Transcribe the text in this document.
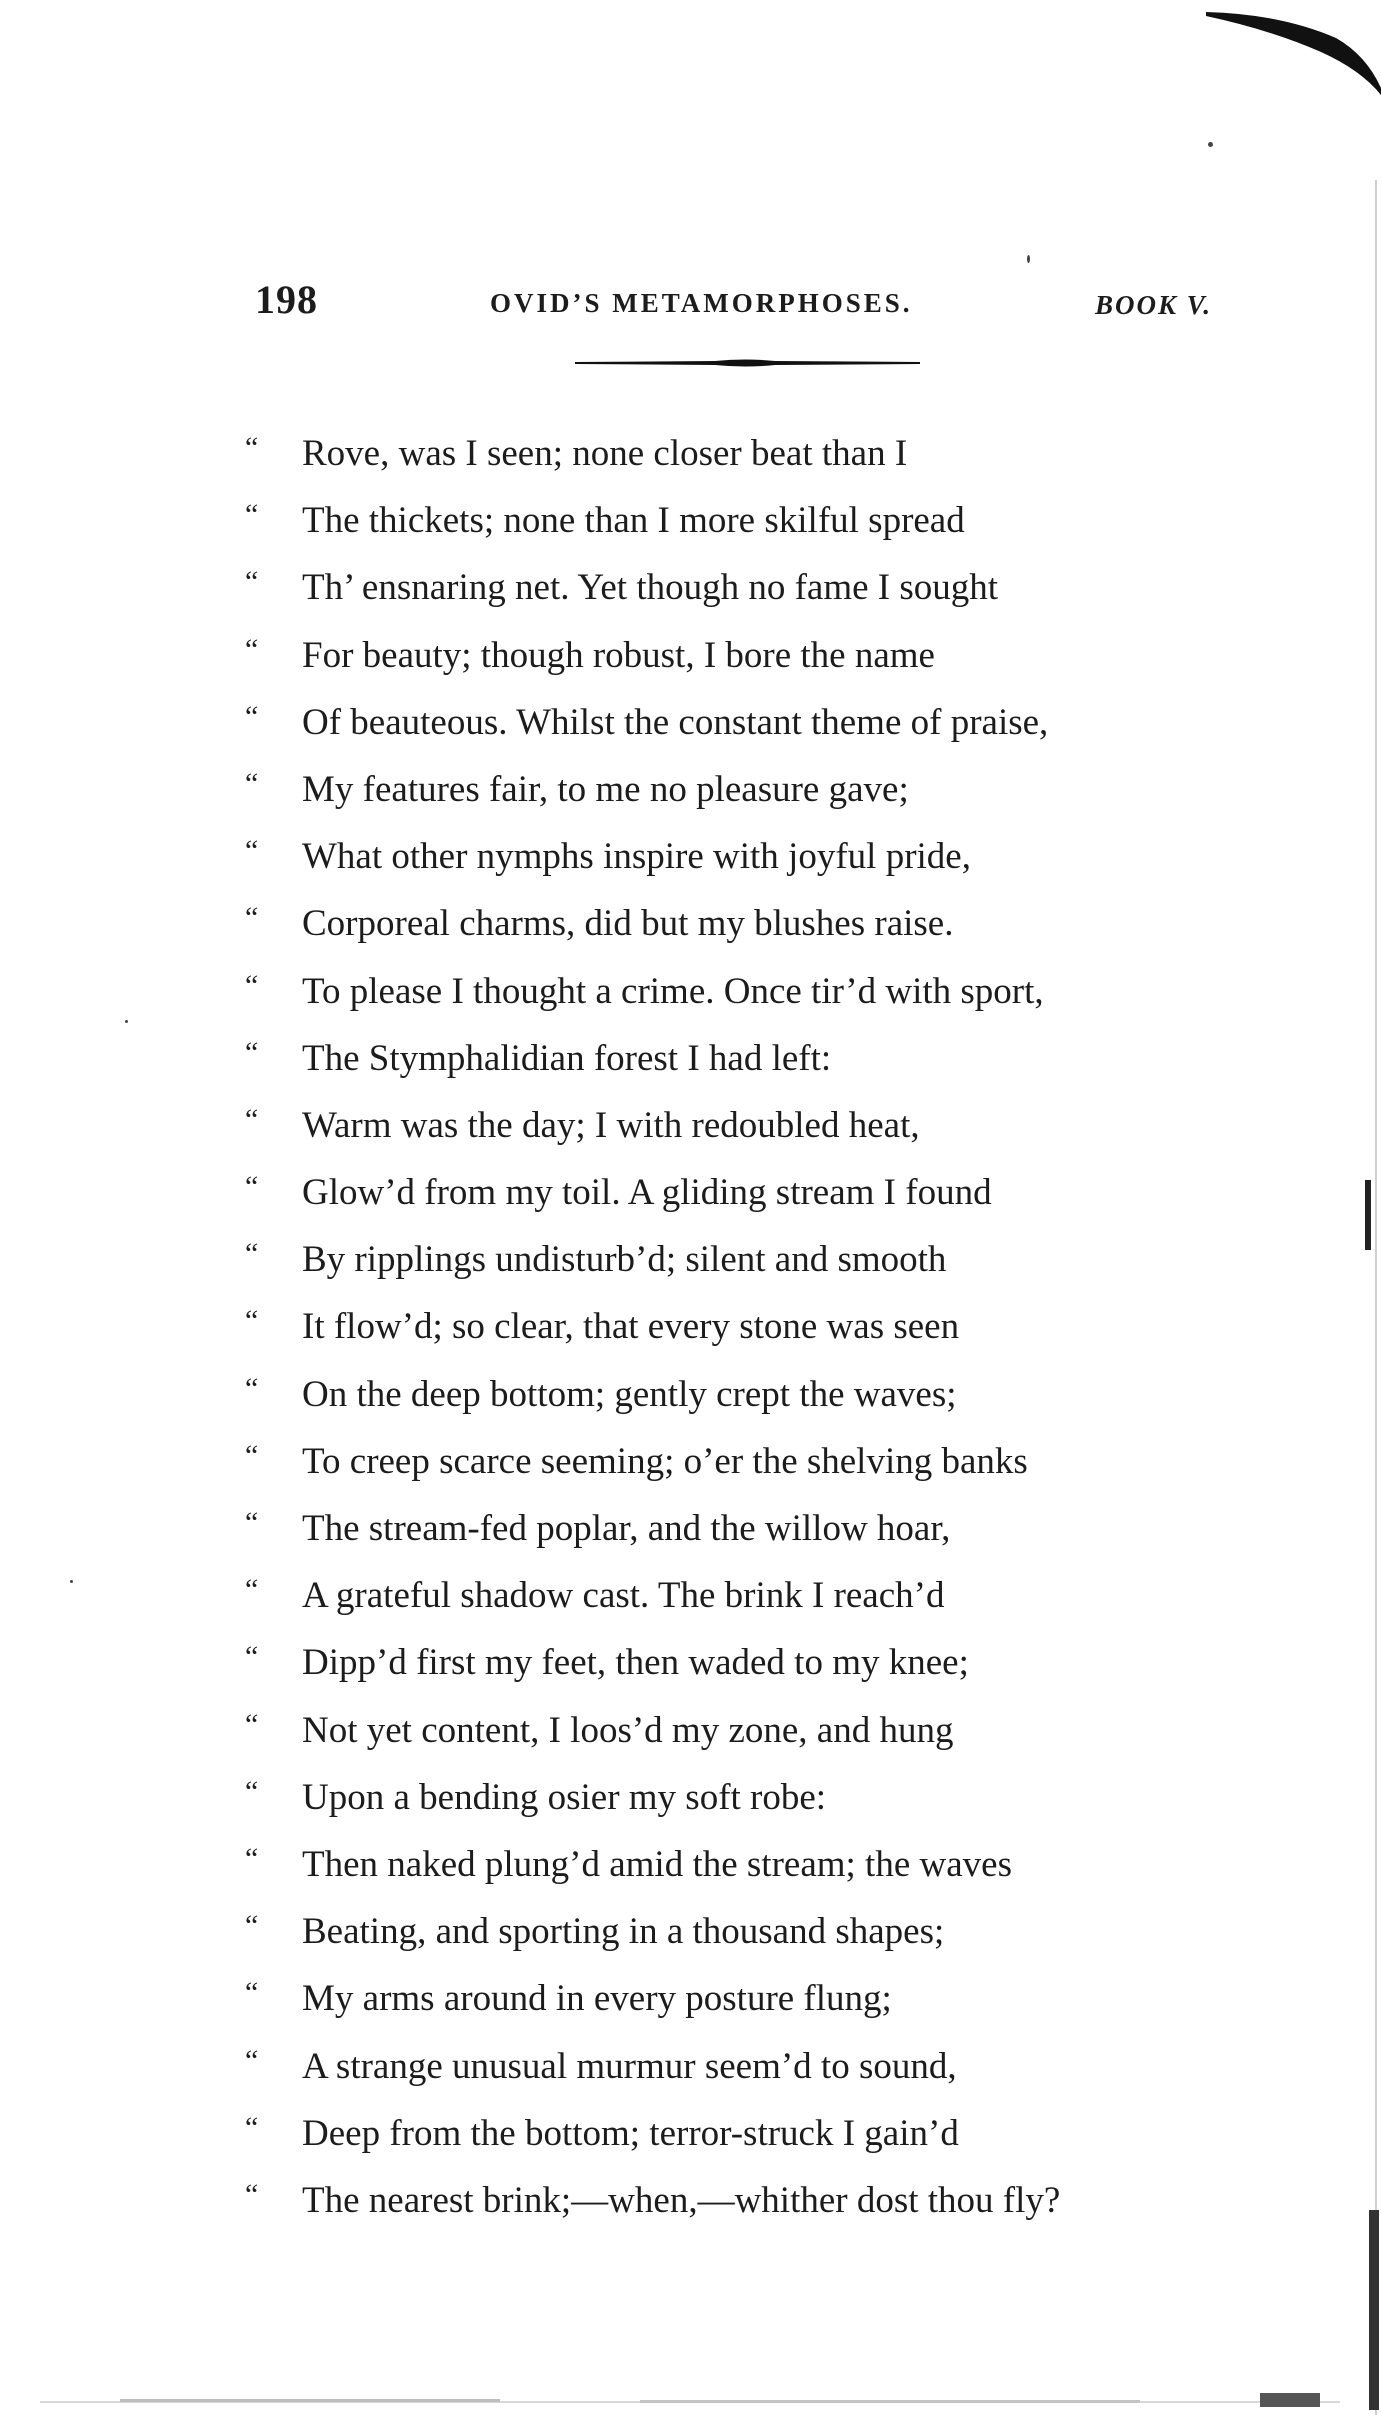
198	OVID’S METAMORPHOSES.	BOOK V.
“ Rove, was I seen; none closer beat than I
“ The thickets; none than I more skilful spread
“ Th’ ensnaring net. Yet though no fame I sought
“ For beauty; though robust, I bore the name
“ Of beauteous. Whilst the constant theme of praise,
“ My features fair, to me no pleasure gave;
“ What other nymphs inspire with joyful pride,
“ Corporeal charms, did but my blushes raise.
“ To please I thought a crime. Once tir’d with sport,
“ The Stymphalidian forest I had left:
“ Warm was the day; I with redoubled heat,
“ Glow’d from my toil. A gliding stream I found
“ By ripplings undisturb’d; silent and smooth
“ It flow’d; so clear, that every stone was seen
“ On the deep bottom; gently crept the waves;
“ To creep scarce seeming; o’er the shelving banks
“ The stream-fed poplar, and the willow hoar,
“ A grateful shadow cast. The brink I reach’d
“ Dipp’d first my feet, then waded to my knee;
“ Not yet content, I loos’d my zone, and hung
“ Upon a bending osier my soft robe:
“ Then naked plung’d amid the stream; the waves
“ Beating, and sporting in a thousand shapes;
“ My arms around in every posture flung;
“ A strange unusual murmur seem’d to sound,
“ Deep from the bottom; terror-struck I gain’d
“ The nearest brink;—when,—whither dost thou fly?
